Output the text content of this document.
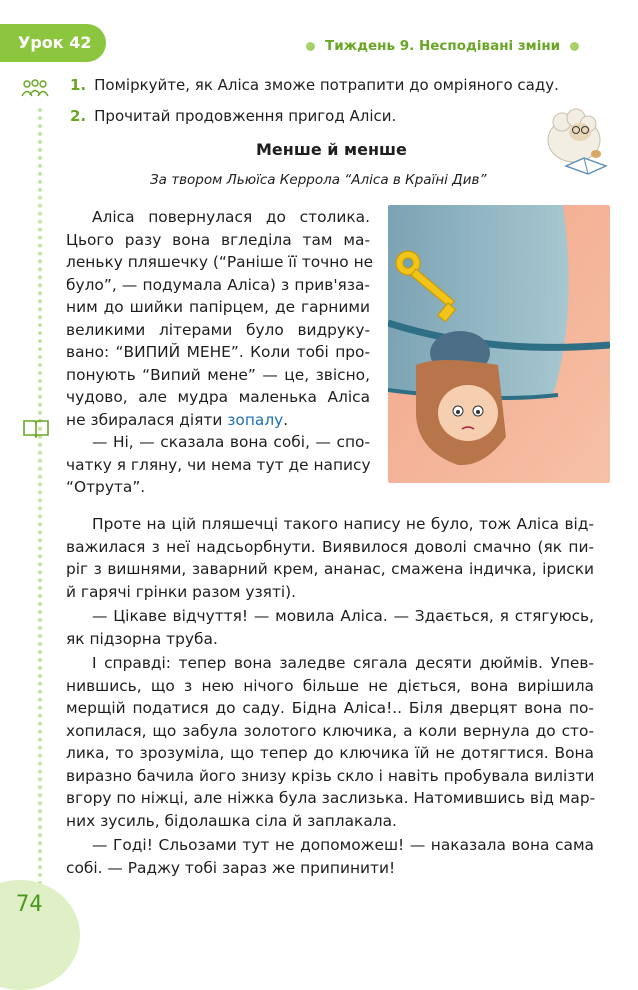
Урок 42	Тиждень 9. Несподівані зміни
1. Поміркуйте, як Аліса зможе потрапити до омріяного саду.
2. Прочитай продовження пригод Аліси.
Менше й менше
За твором Льюїса Керрола “Аліса в Країні Див”
Аліса повернулася до столика.
Цього разу вона вгледіла там ма-
леньку пляшечку (“Раніше її точно не
було”, — подумала Аліса) з прив'яза-
ним до шийки папірцем, де гарними
великими літерами було видруку-
вано: “ВИПИЙ МЕНЕ”. Коли тобі про-
понують “Випий мене” — це, звісно,
чудово, але мудра маленька Аліса
не збиралася діяти зопалу.
— Ні, — сказала вона собі, — спо-
чатку я гляну, чи нема тут де напису
“Отрута”.
Проте на цій пляшечці такого напису не було, тож Аліса від-
важилася з неї надсьорбнути. Виявилося доволі смачно (як пи-
ріг з вишнями, заварний крем, ананас, смажена індичка, іриски
й гарячі грінки разом узяті).
— Цікаве відчуття! — мовила Аліса. — Здається, я стягуюсь,
як підзорна труба.
І справді: тепер вона заледве сягала десяти дюймів. Упев-
нившись, що з нею нічого більше не діється, вона вирішила
мерщій податися до саду. Бідна Аліса!.. Біля дверцят вона по-
хопилася, що забула золотого ключика, а коли вернула до сто-
лика, то зрозуміла, що тепер до ключика їй не дотягтися. Вона
виразно бачила його знизу крізь скло і навіть пробувала вилізти
вгору по ніжці, але ніжка була заслизька. Натомившись від мар-
них зусиль, бідолашка сіла й заплакала.
— Годі! Сльозами тут не допоможеш! — наказала вона сама
собі. — Раджу тобі зараз же припинити!
74
